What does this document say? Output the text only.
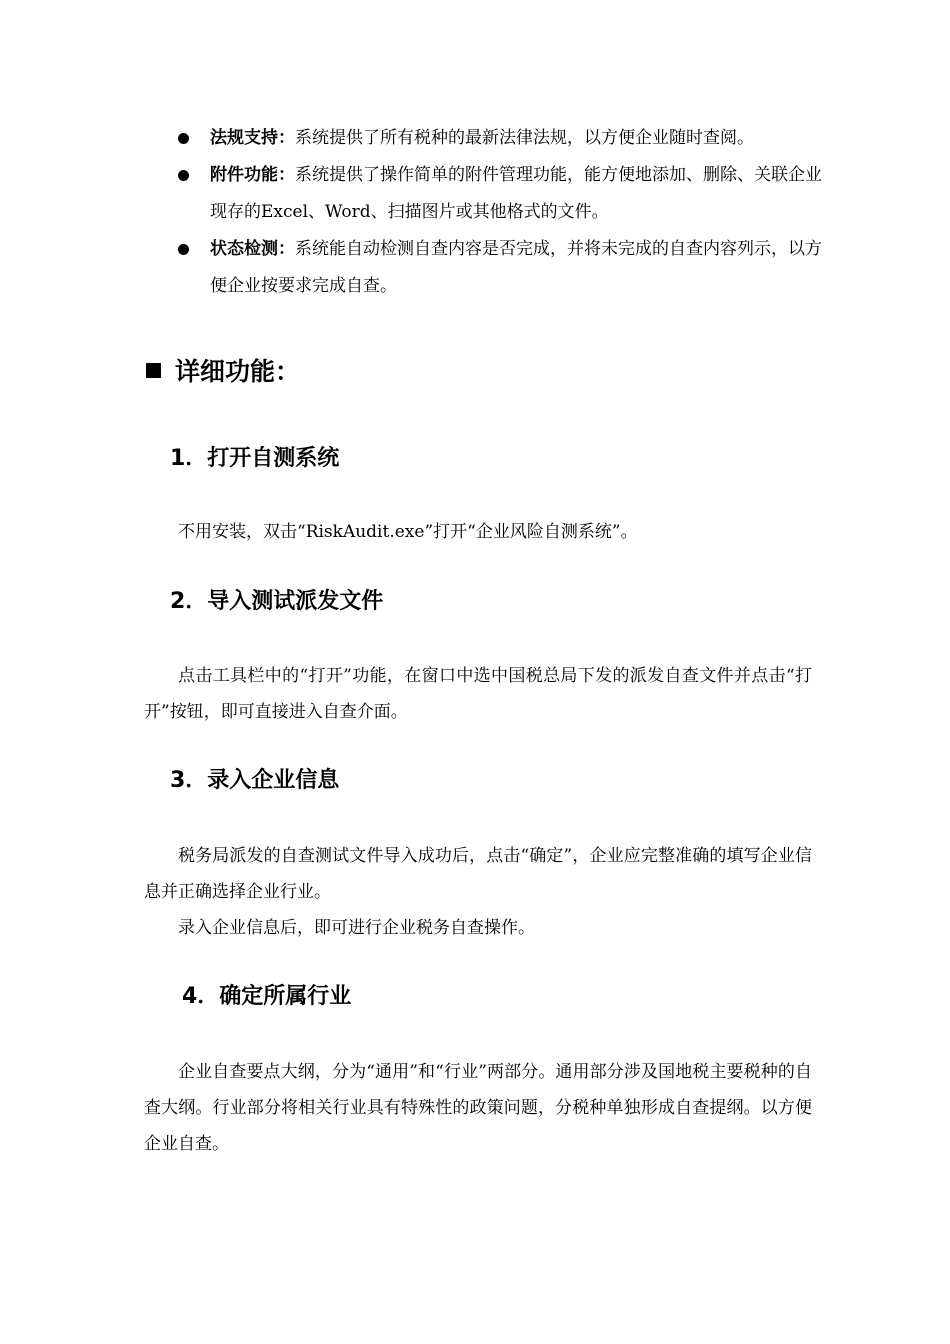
法规支持：系统提供了所有税种的最新法律法规，以方便企业随时查阅。

附件功能：系统提供了操作简单的附件管理功能，能方便地添加、删除、关联企业现存的Excel、Word、扫描图片或其他格式的文件。

状态检测：系统能自动检测自查内容是否完成，并将未完成的自查内容列示，以方便企业按要求完成自查。

详细功能：
1．打开自测系统

不用安装，双击“RiskAudit.exe”打开“企业风险自测系统”。

2．导入测试派发文件

点击工具栏中的“打开”功能，在窗口中选中国税总局下发的派发自查文件并点击“打开”按钮，即可直接进入自查介面。

3．录入企业信息

税务局派发的自查测试文件导入成功后，点击“确定”，企业应完整准确的填写企业信息并正确选择企业行业。

录入企业信息后，即可进行企业税务自查操作。

4．确定所属行业

企业自查要点大纲，分为“通用”和“行业”两部分。通用部分涉及国地税主要税种的自查大纲。行业部分将相关行业具有特殊性的政策问题，分税种单独形成自查提纲。以方便企业自查。
